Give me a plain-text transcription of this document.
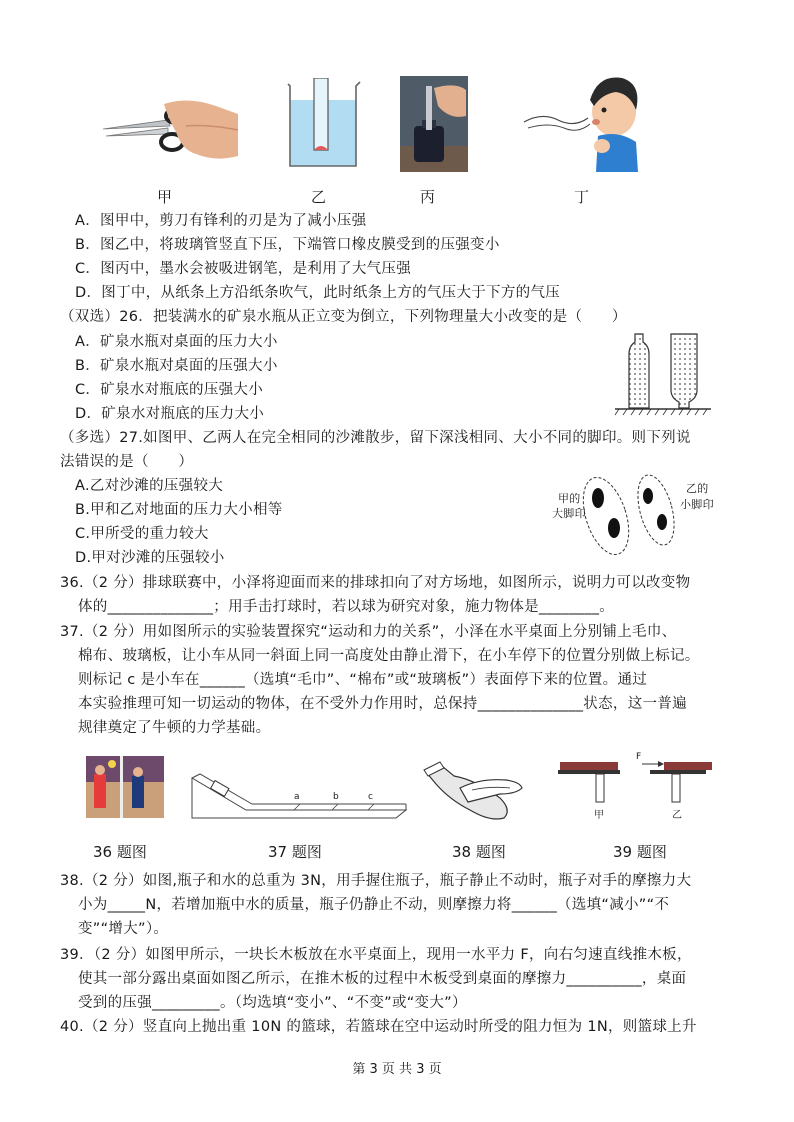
甲	乙	丙	丁
A．图甲中，剪刀有锋利的刃是为了减小压强
B．图乙中，将玻璃管竖直下压，下端管口橡皮膜受到的压强变小
C．图丙中，墨水会被吸进钢笔，是利用了大气压强
D．图丁中，从纸条上方沿纸条吹气，此时纸条上方的气压大于下方的气压
（双选）26．把装满水的矿泉水瓶从正立变为倒立，下列物理量大小改变的是（　　）
A．矿泉水瓶对桌面的压力大小
B．矿泉水瓶对桌面的压强大小
C．矿泉水对瓶底的压强大小
D．矿泉水对瓶底的压力大小
（多选）27.如图甲、乙两人在完全相同的沙滩散步，留下深浅相同、大小不同的脚印。则下列说
法错误的是（　　）
A.乙对沙滩的压强较大
B.甲和乙对地面的压力大小相等
C.甲所受的重力较大
D.甲对沙滩的压强较小
甲的
大脚印
乙的
小脚印
36.（2 分）排球联赛中，小泽将迎面而来的排球扣向了对方场地，如图所示，说明力可以改变物
体的______________；用手击打球时，若以球为研究对象，施力物体是________。
37.（2 分）用如图所示的实验装置探究“运动和力的关系”，小泽在水平桌面上分别铺上毛巾、
棉布、玻璃板，让小车从同一斜面上同一高度处由静止滑下，在小车停下的位置分别做上标记。
则标记 c 是小车在______（选填“毛巾”、“棉布”或“玻璃板”）表面停下来的位置。通过
本实验推理可知一切运动的物体，在不受外力作用时，总保持______________状态，这一普遍
规律奠定了牛顿的力学基础。
a	b	c
F
甲	乙
36 题图	37 题图	38 题图	39 题图
38.（2 分）如图,瓶子和水的总重为 3N，用手握住瓶子，瓶子静止不动时，瓶子对手的摩擦力大
小为_____N，若增加瓶中水的质量，瓶子仍静止不动，则摩擦力将______（选填“减小”“不
变”“增大”）。
39．（2 分）如图甲所示，一块长木板放在水平桌面上，现用一水平力 F，向右匀速直线推木板，
使其一部分露出桌面如图乙所示，在推木板的过程中木板受到桌面的摩擦力__________，桌面
受到的压强_________。（均选填“变小”、“不变”或“变大”）
40.（2 分）竖直向上抛出重 10N 的篮球，若篮球在空中运动时所受的阻力恒为 1N，则篮球上升
第 3 页 共 3 页
